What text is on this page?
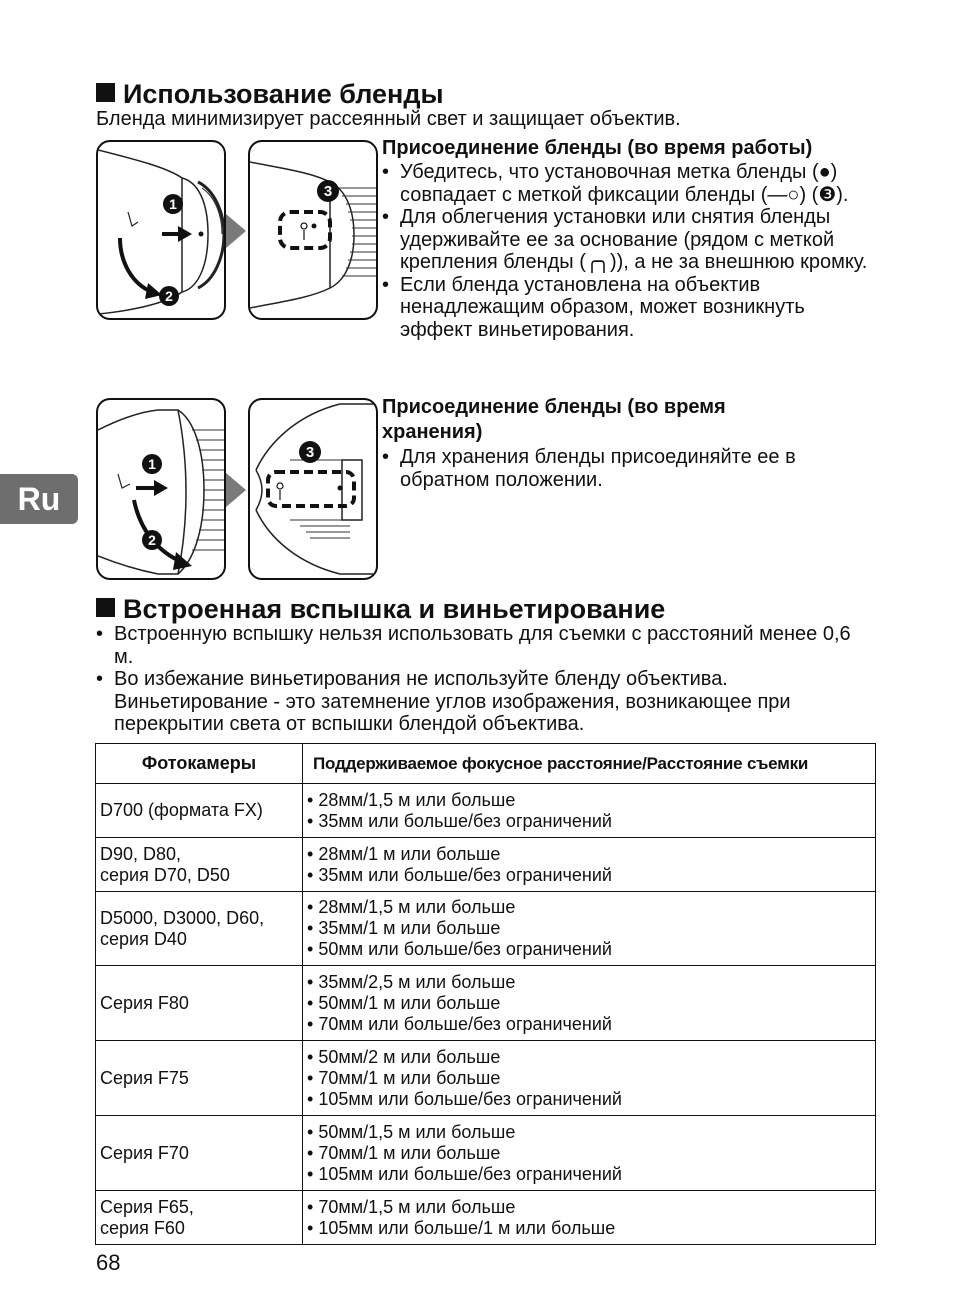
Использование бленды
Бленда минимизирует рассеянный свет и защищает объектив.
1
2
3
Присоединение бленды (во время работы)
• Убедитесь, что установочная метка бленды (●) совпадает с меткой фиксации бленды (—○) (❸).
• Для облегчения установки или снятия бленды удерживайте ее за основание (рядом с меткой крепления бленды (╭╮)), а не за внешнюю кромку.
• Если бленда установлена на объектив ненадлежащим образом, может возникнуть эффект виньетирования.
1
2
3
Присоединение бленды (во время хранения)
• Для хранения бленды присоединяйте ее в обратном положении.
Ru
Встроенная вспышка и виньетирование
• Встроенную вспышку нельзя использовать для съемки с расстояний менее 0,6 м.
• Во избежание виньетирования не используйте бленду объектива. Виньетирование - это затемнение углов изображения, возникающее при перекрытии света от вспышки блендой объектива.
Фотокамеры	Поддерживаемое фокусное расстояние/Расстояние съемки
D700 (формата FX)	• 28мм/1,5 м или больше
• 35мм или больше/без ограничений

D90, D80,
серия D70, D50	• 28мм/1 м или больше
• 35мм или больше/без ограничений

D5000, D3000, D60,
серия D40	• 28мм/1,5 м или больше
• 35мм/1 м или больше
• 50мм или больше/без ограничений

Серия F80	• 35мм/2,5 м или больше
• 50мм/1 м или больше
• 70мм или больше/без ограничений

Серия F75	• 50мм/2 м или больше
• 70мм/1 м или больше
• 105мм или больше/без ограничений

Серия F70	• 50мм/1,5 м или больше
• 70мм/1 м или больше
• 105мм или больше/без ограничений

Серия F65,
серия F60	• 70мм/1,5 м или больше
• 105мм или больше/1 м или больше
68
